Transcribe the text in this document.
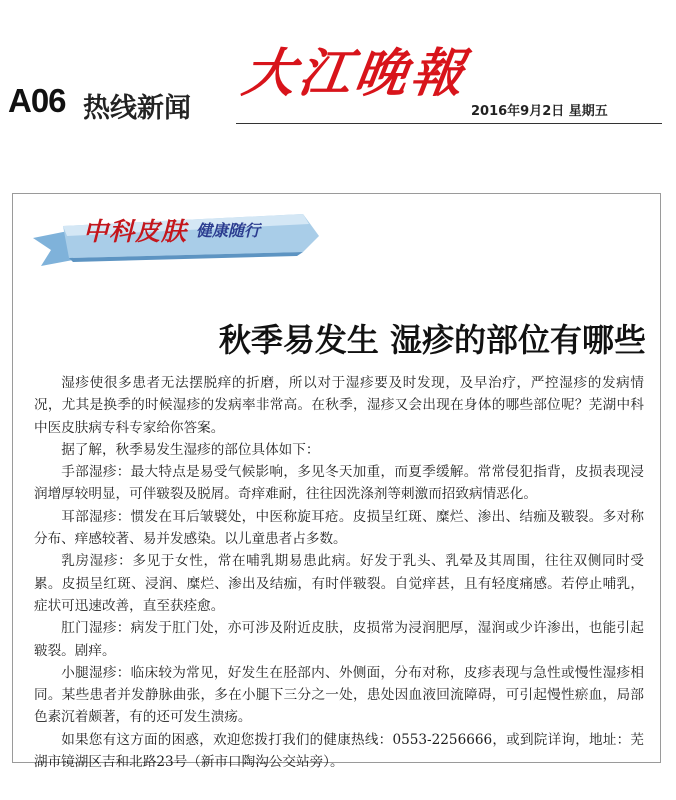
A06 热线新闻
大江晚報
2016年9月2日 星期五
中科皮肤 健康随行
秋季易发生 湿疹的部位有哪些

湿疹使很多患者无法摆脱痒的折磨，所以对于湿疹要及时发现，及早治疗，严控湿疹的发病情况，尤其是换季的时候湿疹的发病率非常高。在秋季，湿疹又会出现在身体的哪些部位呢？芜湖中科中医皮肤病专科专家给你答案。

据了解，秋季易发生湿疹的部位具体如下：

手部湿疹：最大特点是易受气候影响，多见冬天加重，而夏季缓解。常常侵犯指背，皮损表现浸润增厚较明显，可伴皲裂及脱屑。奇痒难耐，往往因洗涤剂等刺激而招致病情恶化。

耳部湿疹：惯发在耳后皱襞处，中医称旋耳疮。皮损呈红斑、糜烂、渗出、结痂及皲裂。多对称分布、痒感较著、易并发感染。以儿童患者占多数。

乳房湿疹：多见于女性，常在哺乳期易患此病。好发于乳头、乳晕及其周围，往往双侧同时受累。皮损呈红斑、浸润、糜烂、渗出及结痂，有时伴皲裂。自觉痒甚，且有轻度痛感。若停止哺乳，症状可迅速改善，直至获痊愈。

肛门湿疹：病发于肛门处，亦可涉及附近皮肤，皮损常为浸润肥厚，湿润或少许渗出，也能引起皲裂。剧痒。

小腿湿疹：临床较为常见，好发生在胫部内、外侧面，分布对称，皮疹表现与急性或慢性湿疹相同。某些患者并发静脉曲张，多在小腿下三分之一处，患处因血液回流障碍，可引起慢性瘀血，局部色素沉着颇著，有的还可发生溃疡。

如果您有这方面的困惑，欢迎您拨打我们的健康热线：0553-2256666，或到院详询，地址：芜湖市镜湖区吉和北路23号（新市口陶沟公交站旁）。
